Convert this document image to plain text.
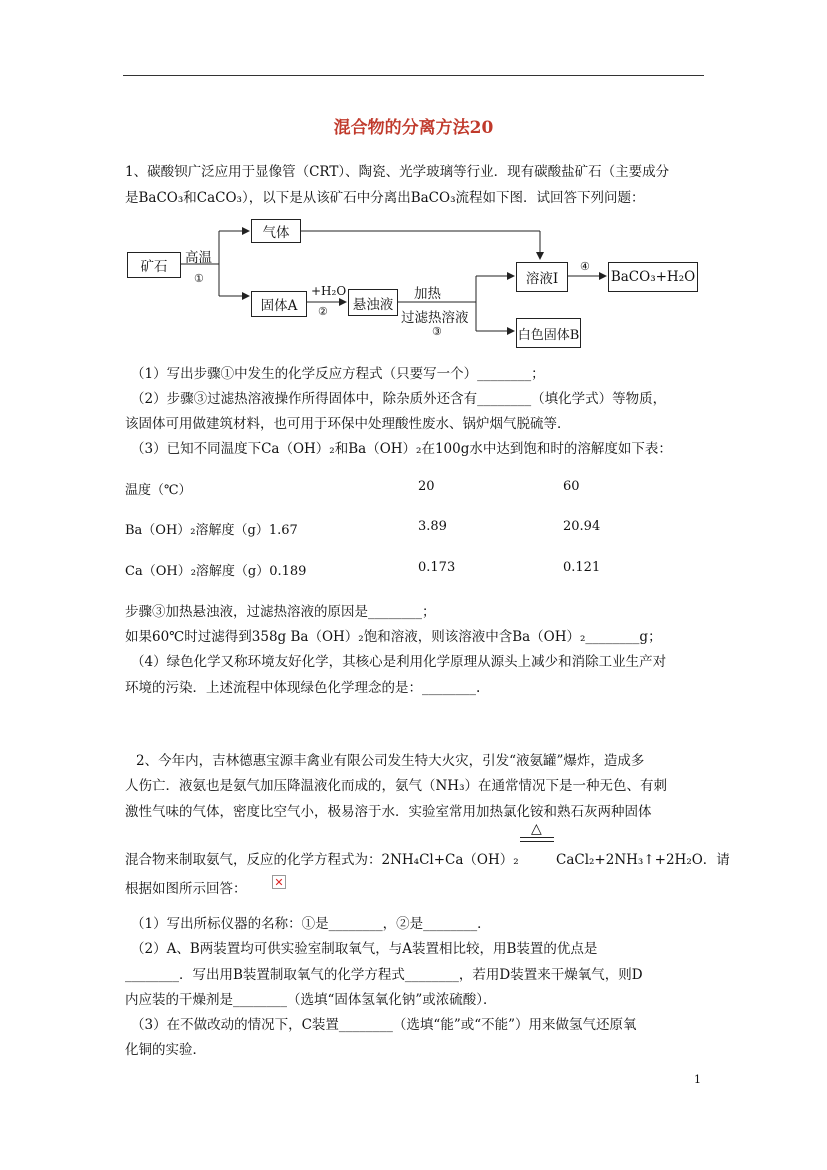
混合物的分离方法20
1、碳酸钡广泛应用于显像管（CRT）、陶瓷、光学玻璃等行业．现有碳酸盐矿石（主要成分
是BaCO₃和CaCO₃），以下是从该矿石中分离出BaCO₃流程如下图．试回答下列问题：
矿石
气体
固体A	悬浊液
溶液Ⅰ	BaCO₃+H₂O
白色固体B
高温
①
+H₂O
②
加热
过滤热溶液
③
④
（1）写出步骤①中发生的化学反应方程式（只要写一个）________；
（2）步骤③过滤热溶液操作所得固体中，除杂质外还含有________（填化学式）等物质，
该固体可用做建筑材料，也可用于环保中处理酸性废水、锅炉烟气脱硫等．
（3）已知不同温度下Ca（OH）₂和Ba（OH）₂在100g水中达到饱和时的溶解度如下表：
温度（℃）	20	60
Ba（OH）₂溶解度（g）1.67	3.89	20.94
Ca（OH）₂溶解度（g）0.189	0.173	0.121
步骤③加热悬浊液，过滤热溶液的原因是________；
如果60℃时过滤得到358g Ba（OH）₂饱和溶液，则该溶液中含Ba（OH）₂________g；
（4）绿色化学又称环境友好化学，其核心是利用化学原理从源头上减少和消除工业生产对
环境的污染．上述流程中体现绿色化学理念的是：________.
2、今年内，吉林德惠宝源丰禽业有限公司发生特大火灾，引发“液氨罐”爆炸，造成多
人伤亡．液氨也是氨气加压降温液化而成的，氨气（NH₃）在通常情况下是一种无色、有刺
激性气味的气体，密度比空气小，极易溶于水．实验室常用加热氯化铵和熟石灰两种固体
△
混合物来制取氨气，反应的化学方程式为：2NH₄Cl+Ca（OH）₂	CaCl₂+2NH₃↑+2H₂O．请
根据如图所示回答：	✕
（1）写出所标仪器的名称：①是________，②是________．
（2）A、B两装置均可供实验室制取氧气，与A装置相比较，用B装置的优点是
________．写出用B装置制取氧气的化学方程式________，若用D装置来干燥氧气，则D
内应装的干燥剂是________（选填“固体氢氧化钠”或浓硫酸）．
（3）在不做改动的情况下，C装置________（选填“能”或“不能”）用来做氢气还原氧
化铜的实验．
1
